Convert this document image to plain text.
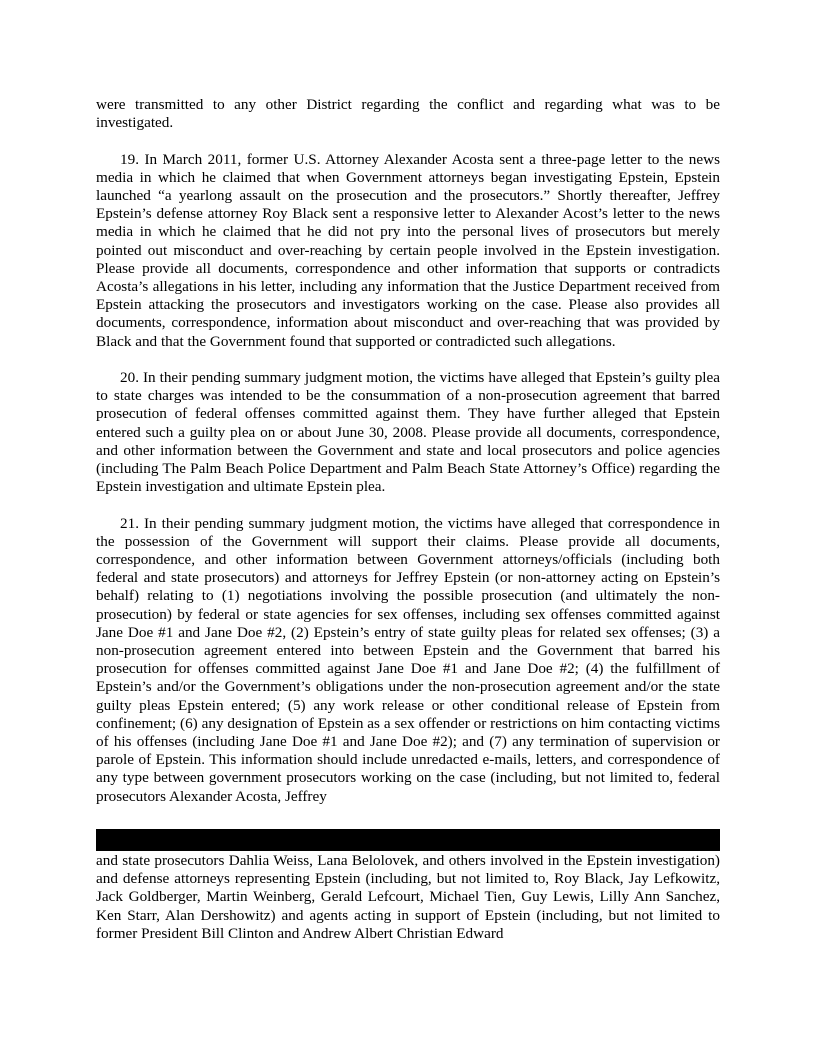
were transmitted to any other District regarding the conflict and regarding what was to be investigated.

19. In March 2011, former U.S. Attorney Alexander Acosta sent a three-page letter to the news media in which he claimed that when Government attorneys began investigating Epstein, Epstein launched “a yearlong assault on the prosecution and the prosecutors.” Shortly thereafter, Jeffrey Epstein’s defense attorney Roy Black sent a responsive letter to Alexander Acost’s letter to the news media in which he claimed that he did not pry into the personal lives of prosecutors but merely pointed out misconduct and over-reaching by certain people involved in the Epstein investigation. Please provide all documents, correspondence and other information that supports or contradicts Acosta’s allegations in his letter, including any information that the Justice Department received from Epstein attacking the prosecutors and investigators working on the case. Please also provides all documents, correspondence, information about misconduct and over-reaching that was provided by Black and that the Government found that supported or contradicted such allegations.

20. In their pending summary judgment motion, the victims have alleged that Epstein’s guilty plea to state charges was intended to be the consummation of a non-prosecution agreement that barred prosecution of federal offenses committed against them. They have further alleged that Epstein entered such a guilty plea on or about June 30, 2008. Please provide all documents, correspondence, and other information between the Government and state and local prosecutors and police agencies (including The Palm Beach Police Department and Palm Beach State Attorney’s Office) regarding the Epstein investigation and ultimate Epstein plea.

21. In their pending summary judgment motion, the victims have alleged that correspondence in the possession of the Government will support their claims. Please provide all documents, correspondence, and other information between Government attorneys/officials (including both federal and state prosecutors) and attorneys for Jeffrey Epstein (or non-attorney acting on Epstein’s behalf) relating to (1) negotiations involving the possible prosecution (and ultimately the non-prosecution) by federal or state agencies for sex offenses, including sex offenses committed against Jane Doe #1 and Jane Doe #2, (2) Epstein’s entry of state guilty pleas for related sex offenses; (3) a non-prosecution agreement entered into between Epstein and the Government that barred his prosecution for offenses committed against Jane Doe #1 and Jane Doe #2; (4) the fulfillment of Epstein’s and/or the Government’s obligations under the non-prosecution agreement and/or the state guilty pleas Epstein entered; (5) any work release or other conditional release of Epstein from confinement; (6) any designation of Epstein as a sex offender or restrictions on him contacting victims of his offenses (including Jane Doe #1 and Jane Doe #2); and (7) any termination of supervision or parole of Epstein. This information should include unredacted e-mails, letters, and correspondence of any type between government prosecutors working on the case (including, but not limited to, federal prosecutors Alexander Acosta, Jeffrey

and state prosecutors Dahlia Weiss, Lana Belolovek, and others involved in the Epstein investigation) and defense attorneys representing Epstein (including, but not limited to, Roy Black, Jay Lefkowitz, Jack Goldberger, Martin Weinberg, Gerald Lefcourt, Michael Tien, Guy Lewis, Lilly Ann Sanchez, Ken Starr, Alan Dershowitz) and agents acting in support of Epstein (including, but not limited to former President Bill Clinton and Andrew Albert Christian Edward
